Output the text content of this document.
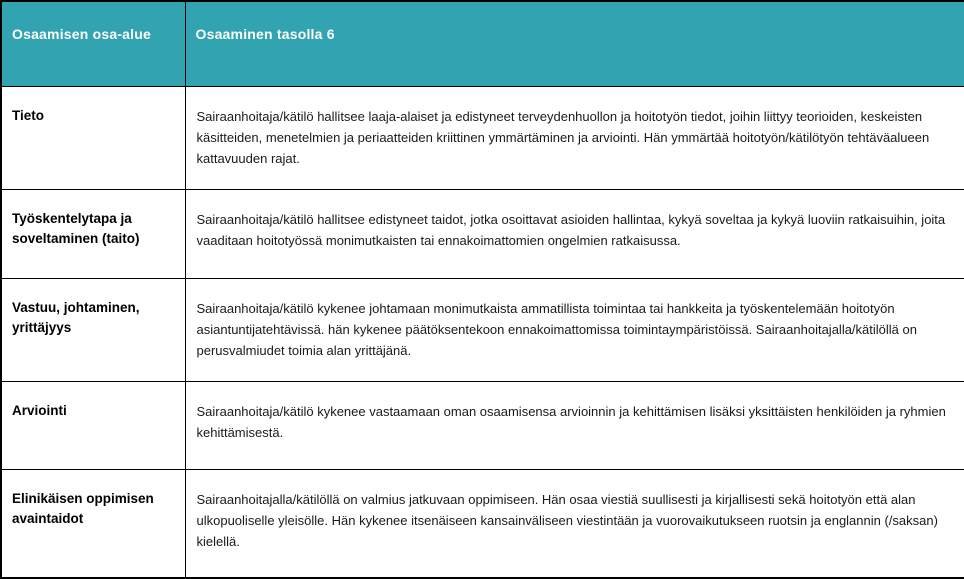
Osaamisen osa-alue	Osaaminen tasolla 6
Tieto	Sairaanhoitaja/kätilö hallitsee laaja-alaiset ja edistyneet terveydenhuollon ja hoitotyön tiedot, joihin liittyy teorioiden, keskeisten käsitteiden, menetelmien ja periaatteiden kriittinen ymmärtäminen ja arviointi. Hän ymmärtää hoitotyön/kätilötyön tehtäväalueen kattavuuden rajat.
Työskentelytapa ja soveltaminen (taito)	Sairaanhoitaja/kätilö hallitsee edistyneet taidot, jotka osoittavat asioiden hallintaa, kykyä soveltaa ja kykyä luoviin ratkaisuihin, joita vaaditaan hoitotyössä monimutkaisten tai ennakoimattomien ongelmien ratkaisussa.
Vastuu, johtaminen, yrittäjyys	Sairaanhoitaja/kätilö kykenee johtamaan monimutkaista ammatillista toimintaa tai hankkeita ja työskentelemään hoitotyön asiantuntijatehtävissä. hän kykenee päätöksentekoon ennakoimattomissa toimintaympäristöissä. Sairaanhoitajalla/kätilöllä on perusvalmiudet toimia alan yrittäjänä.
Arviointi	Sairaanhoitaja/kätilö kykenee vastaamaan oman osaamisensa arvioinnin ja kehittämisen lisäksi yksittäisten henkilöiden ja ryhmien kehittämisestä.
Elinikäisen oppimisen avaintaidot	Sairaanhoitajalla/kätilöllä on valmius jatkuvaan oppimiseen. Hän osaa viestiä suullisesti ja kirjallisesti sekä hoitotyön että alan ulkopuoliselle yleisölle. Hän kykenee itsenäiseen kansainväliseen viestintään ja vuorovaikutukseen ruotsin ja englannin (/saksan) kielellä.
